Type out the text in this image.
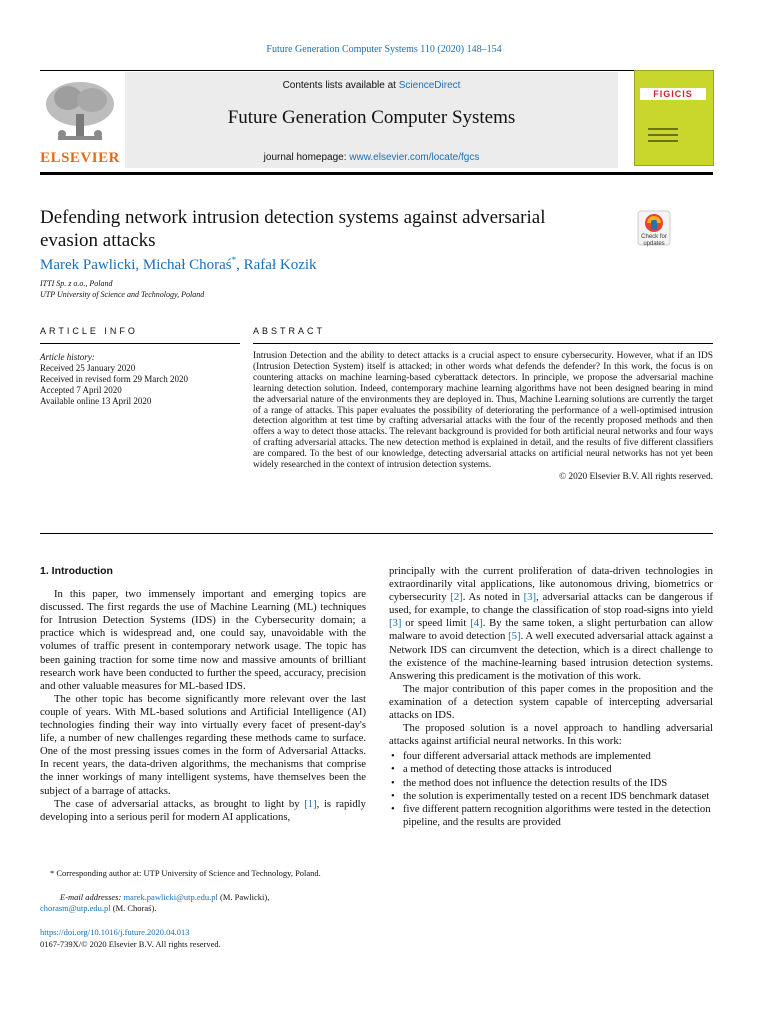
Future Generation Computer Systems 110 (2020) 148–154
ELSEVIER
Contents lists available at ScienceDirect
Future Generation Computer Systems
journal homepage: www.elsevier.com/locate/fgcs
FIGICIS
Defending network intrusion detection systems against adversarial
evasion attacks	Check for updates
Marek Pawlicki, Michał Choraś*, Rafał Kozik
ITTI Sp. z o.o., Poland
UTP University of Science and Technology, Poland
ARTICLE INFO
Article history:
Received 25 January 2020
Received in revised form 29 March 2020
Accepted 7 April 2020
Available online 13 April 2020
ABSTRACT
Intrusion Detection and the ability to detect attacks is a crucial aspect to ensure cybersecurity. However, what if an IDS (Intrusion Detection System) itself is attacked; in other words what defends the defender? In this work, the focus is on countering attacks on machine learning-based cyberattack detectors. In principle, we propose the adversarial machine learning detection solution. Indeed, contemporary machine learning algorithms have not been designed bearing in mind the adversarial nature of the environments they are deployed in. Thus, Machine Learning solutions are currently the target of a range of attacks. This paper evaluates the possibility of deteriorating the performance of a well-optimised intrusion detection algorithm at test time by crafting adversarial attacks with the four of the recently proposed methods and then offers a way to detect those attacks. The relevant background is provided for both artificial neural networks and four ways of crafting adversarial attacks. The new detection method is explained in detail, and the results of five different classifiers are compared. To the best of our knowledge, detecting adversarial attacks on artificial neural networks has not yet been widely researched in the context of intrusion detection systems.
© 2020 Elsevier B.V. All rights reserved.
1. Introduction

In this paper, two immensely important and emerging topics are discussed. The first regards the use of Machine Learning (ML) techniques for Intrusion Detection Systems (IDS) in the Cybersecurity domain; a practice which is widespread and, one could say, unavoidable with the volumes of traffic present in contemporary network usage. The topic has been gaining traction for some time now and massive amounts of brilliant research work have been conducted to further the speed, accuracy, precision and other valuable measures for ML-based IDS.

The other topic has become significantly more relevant over the last couple of years. With ML-based solutions and Artificial Intelligence (AI) technologies finding their way into virtually every facet of present-day's life, a number of new challenges regarding these methods came to surface. One of the most pressing issues comes in the form of Adversarial Attacks. In recent years, the data-driven algorithms, the mechanisms that comprise the inner workings of many intelligent systems, have themselves been the subject of a barrage of attacks.

The case of adversarial attacks, as brought to light by [1], is rapidly developing into a serious peril for modern AI applications,

principally with the current proliferation of data-driven technologies in extraordinarily vital applications, like autonomous driving, biometrics or cybersecurity [2]. As noted in [3], adversarial attacks can be dangerous if used, for example, to change the classification of stop road-signs into yield [3] or speed limit [4]. By the same token, a slight perturbation can allow malware to avoid detection [5]. A well executed adversarial attack against a Network IDS can circumvent the detection, which is a direct challenge to the existence of the machine-learning based intrusion detection systems. Answering this predicament is the motivation of this work.

The major contribution of this paper comes in the proposition and the examination of a detection system capable of intercepting adversarial attacks on IDS.

The proposed solution is a novel approach to handling adversarial attacks against artificial neural networks. In this work:

• four different adversarial attack methods are implemented
• a method of detecting those attacks is introduced
• the method does not influence the detection results of the IDS
• the solution is experimentally tested on a recent IDS benchmark dataset
• five different pattern recognition algorithms were tested in the detection pipeline, and the results are provided
* Corresponding author at: UTP University of Science and Technology, Poland.
E-mail addresses: marek.pawlicki@utp.edu.pl (M. Pawlicki),
chorasm@utp.edu.pl (M. Choraś).
https://doi.org/10.1016/j.future.2020.04.013
0167-739X/© 2020 Elsevier B.V. All rights reserved.
